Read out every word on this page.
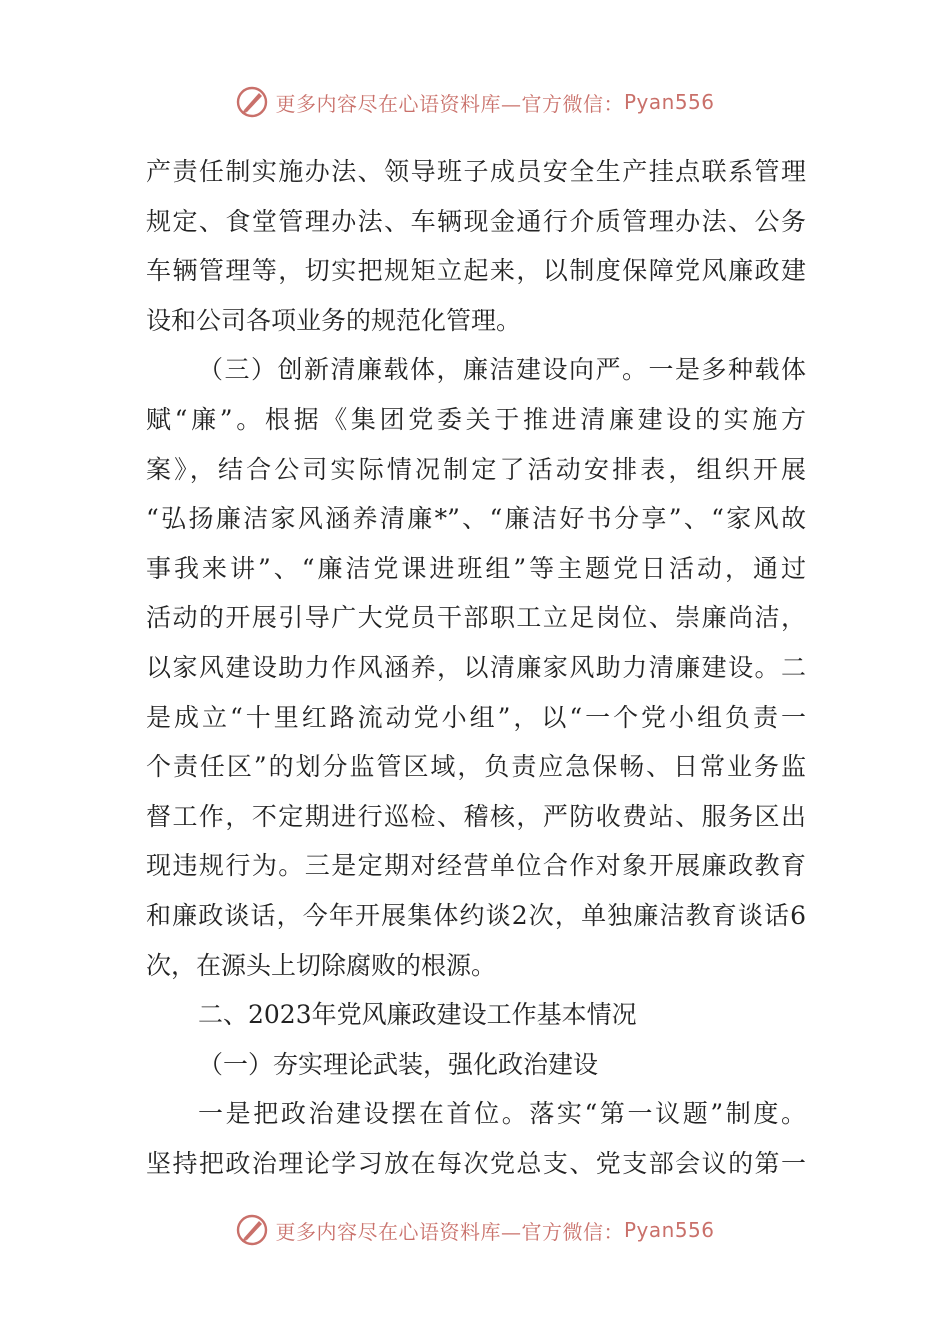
更多内容尽在心语资料库—官方微信： Pyan556
产责任制实施办法、领导班子成员安全生产挂点联系管理
规定、食堂管理办法、车辆现金通行介质管理办法、公务
车辆管理等，切实把规矩立起来，以制度保障党风廉政建
设和公司各项业务的规范化管理。
（三）创新清廉载体，廉洁建设向严。一是多种载体
赋“廉”。根据《集团党委关于推进清廉建设的实施方
案》，结合公司实际情况制定了活动安排表，组织开展
“弘扬廉洁家风涵养清廉*”、“廉洁好书分享”、“家风故
事我来讲”、“廉洁党课进班组”等主题党日活动，通过
活动的开展引导广大党员干部职工立足岗位、崇廉尚洁，
以家风建设助力作风涵养，以清廉家风助力清廉建设。二
是成立“十里红路流动党小组”，以“一个党小组负责一
个责任区”的划分监管区域，负责应急保畅、日常业务监
督工作，不定期进行巡检、稽核，严防收费站、服务区出
现违规行为。三是定期对经营单位合作对象开展廉政教育
和廉政谈话，今年开展集体约谈2次，单独廉洁教育谈话6
次，在源头上切除腐败的根源。
二、2023年党风廉政建设工作基本情况
（一）夯实理论武装，强化政治建设
一是把政治建设摆在首位。落实“第一议题”制度。
坚持把政治理论学习放在每次党总支、党支部会议的第一
更多内容尽在心语资料库—官方微信： Pyan556
